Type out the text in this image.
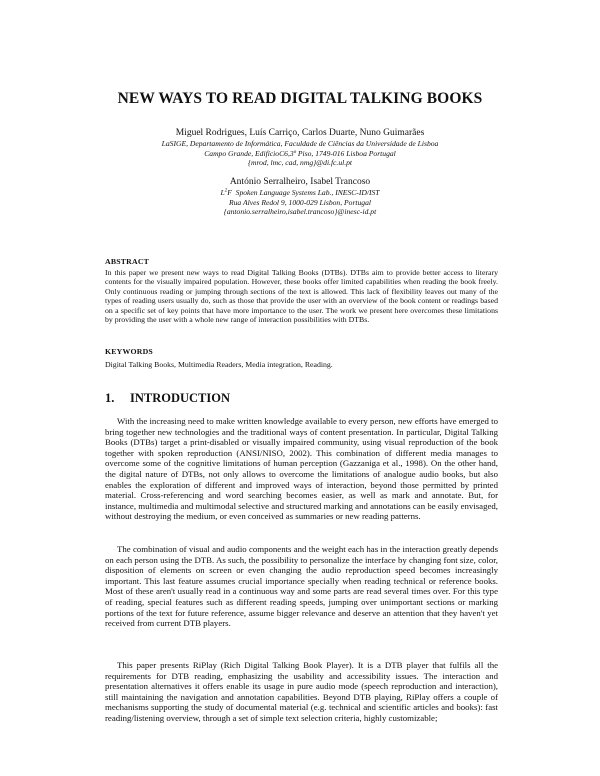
NEW WAYS TO READ DIGITAL TALKING BOOKS
Miguel Rodrigues, Luís Carriço, Carlos Duarte, Nuno Guimarães
LaSIGE, Departamento de Informática, Faculdade de Ciências da Universidade de Lisboa
Campo Grande, EdifícioC6,3º Piso, 1749-016 Lisboa Portugal
{mrod, lmc, cad, nmg}@di.fc.ul.pt
António Serralheiro, Isabel Trancoso
$L^2F$  Spoken Language Systems Lab., INESC-ID/IST
Rua Alves Redol 9, 1000-029 Lisbon, Portugal
{antonio.serralheiro,isabel.trancoso}@inesc-id.pt
ABSTRACT

In this paper we present new ways to read Digital Talking Books (DTBs). DTBs aim to provide better access to literary contents for the visually impaired population. However, these books offer limited capabilities when reading the book freely. Only continuous reading or jumping through sections of the text is allowed. This lack of flexibility leaves out many of the types of reading users usually do, such as those that provide the user with an overview of the book content or readings based on a specific set of key points that have more importance to the user. The work we present here overcomes these limitations by providing the user with a whole new range of interaction possibilities with DTBs.

KEYWORDS

Digital Talking Books, Multimedia Readers, Media integration, Reading.

1. INTRODUCTION

With the increasing need to make written knowledge available to every person, new efforts have emerged to bring together new technologies and the traditional ways of content presentation. In particular, Digital Talking Books (DTBs) target a print-disabled or visually impaired community, using visual reproduction of the book together with spoken reproduction (ANSI/NISO, 2002). This combination of different media manages to overcome some of the cognitive limitations of human perception (Gazzaniga et al., 1998). On the other hand, the digital nature of DTBs, not only allows to overcome the limitations of analogue audio books, but also enables the exploration of different and improved ways of interaction, beyond those permitted by printed material. Cross-referencing and word searching becomes easier, as well as mark and annotate. But, for instance, multimedia and multimodal selective and structured marking and annotations can be easily envisaged, without destroying the medium, or even conceived as summaries or new reading patterns.

The combination of visual and audio components and the weight each has in the interaction greatly depends on each person using the DTB. As such, the possibility to personalize the interface by changing font size, color, disposition of elements on screen or even changing the audio reproduction speed becomes increasingly important. This last feature assumes crucial importance specially when reading technical or reference books. Most of these aren't usually read in a continuous way and some parts are read several times over. For this type of reading, special features such as different reading speeds, jumping over unimportant sections or marking portions of the text for future reference, assume bigger relevance and deserve an attention that they haven't yet received from current DTB players.

This paper presents RiPlay (Rich Digital Talking Book Player). It is a DTB player that fulfils all the requirements for DTB reading, emphasizing the usability and accessibility issues. The interaction and presentation alternatives it offers enable its usage in pure audio mode (speech reproduction and interaction), still maintaining the navigation and annotation capabilities. Beyond DTB playing, RiPlay offers a couple of mechanisms supporting the study of documental material (e.g. technical and scientific articles and books): fast reading/listening overview, through a set of simple text selection criteria, highly customizable;
